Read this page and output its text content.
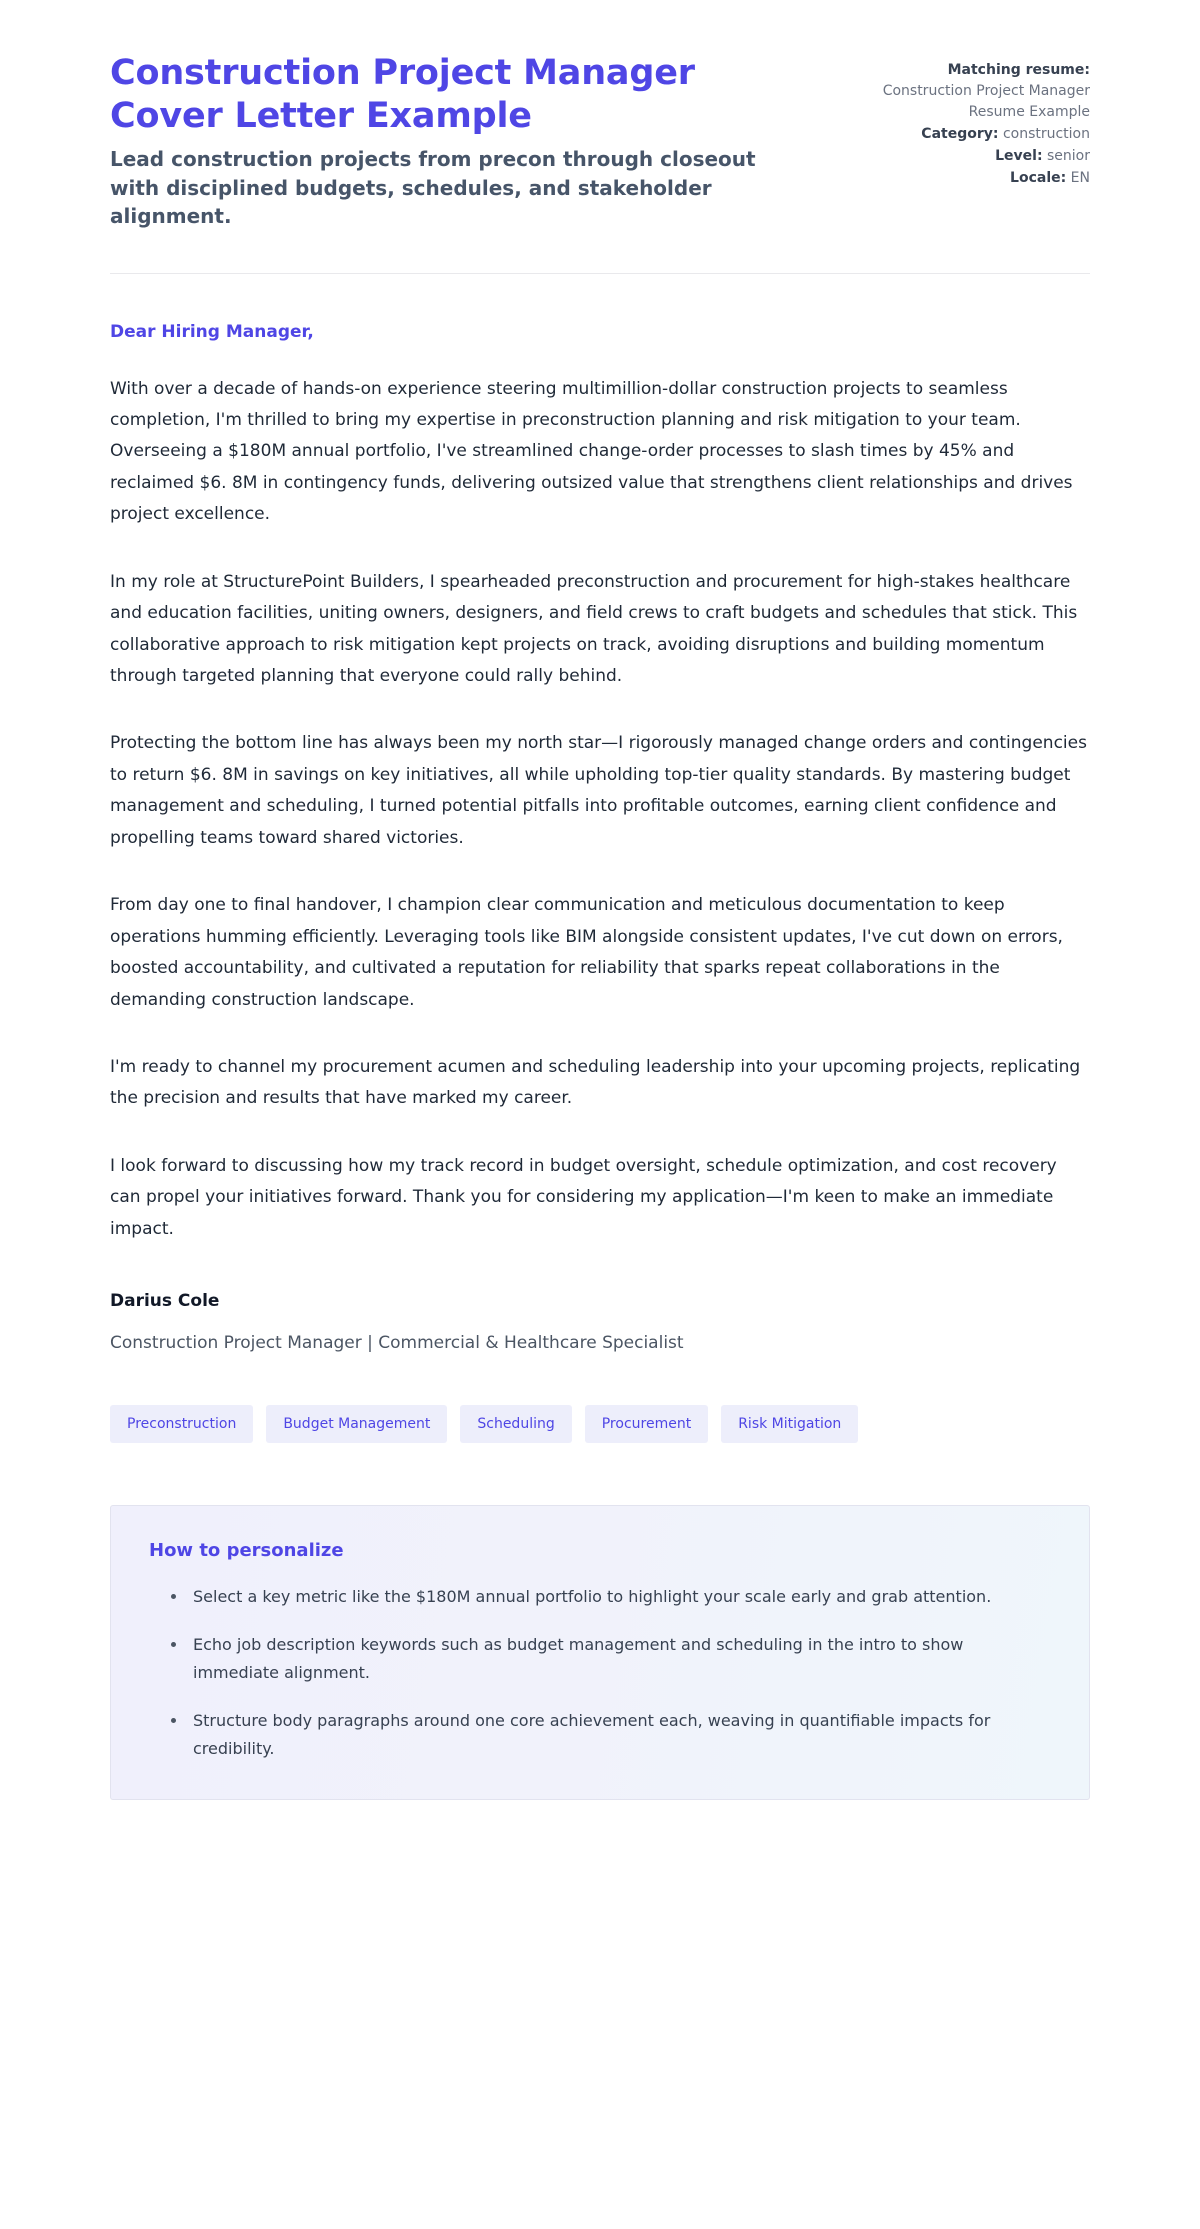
Construction Project Manager Cover Letter Example

Lead construction projects from precon through closeout with disciplined budgets, schedules, and stakeholder alignment.

Matching resume:
Construction Project Manager Resume Example
Category: construction
Level: senior
Locale: EN

Dear Hiring Manager,

With over a decade of hands-on experience steering multimillion-dollar construction projects to seamless completion, I'm thrilled to bring my expertise in preconstruction planning and risk mitigation to your team. Overseeing a $180M annual portfolio, I've streamlined change-order processes to slash times by 45% and reclaimed $6. 8M in contingency funds, delivering outsized value that strengthens client relationships and drives project excellence.

In my role at StructurePoint Builders, I spearheaded preconstruction and procurement for high-stakes healthcare and education facilities, uniting owners, designers, and field crews to craft budgets and schedules that stick. This collaborative approach to risk mitigation kept projects on track, avoiding disruptions and building momentum through targeted planning that everyone could rally behind.

Protecting the bottom line has always been my north star—I rigorously managed change orders and contingencies to return $6. 8M in savings on key initiatives, all while upholding top-tier quality standards. By mastering budget management and scheduling, I turned potential pitfalls into profitable outcomes, earning client confidence and propelling teams toward shared victories.

From day one to final handover, I champion clear communication and meticulous documentation to keep operations humming efficiently. Leveraging tools like BIM alongside consistent updates, I've cut down on errors, boosted accountability, and cultivated a reputation for reliability that sparks repeat collaborations in the demanding construction landscape.

I'm ready to channel my procurement acumen and scheduling leadership into your upcoming projects, replicating the precision and results that have marked my career.

I look forward to discussing how my track record in budget oversight, schedule optimization, and cost recovery can propel your initiatives forward. Thank you for considering my application—I'm keen to make an immediate impact.

Darius Cole

Construction Project Manager | Commercial & Healthcare Specialist

Preconstruction	Budget Management	Scheduling	Procurement	Risk Mitigation

How to personalize

Select a key metric like the $180M annual portfolio to highlight your scale early and grab attention.
Echo job description keywords such as budget management and scheduling in the intro to show immediate alignment.
Structure body paragraphs around one core achievement each, weaving in quantifiable impacts for credibility.
